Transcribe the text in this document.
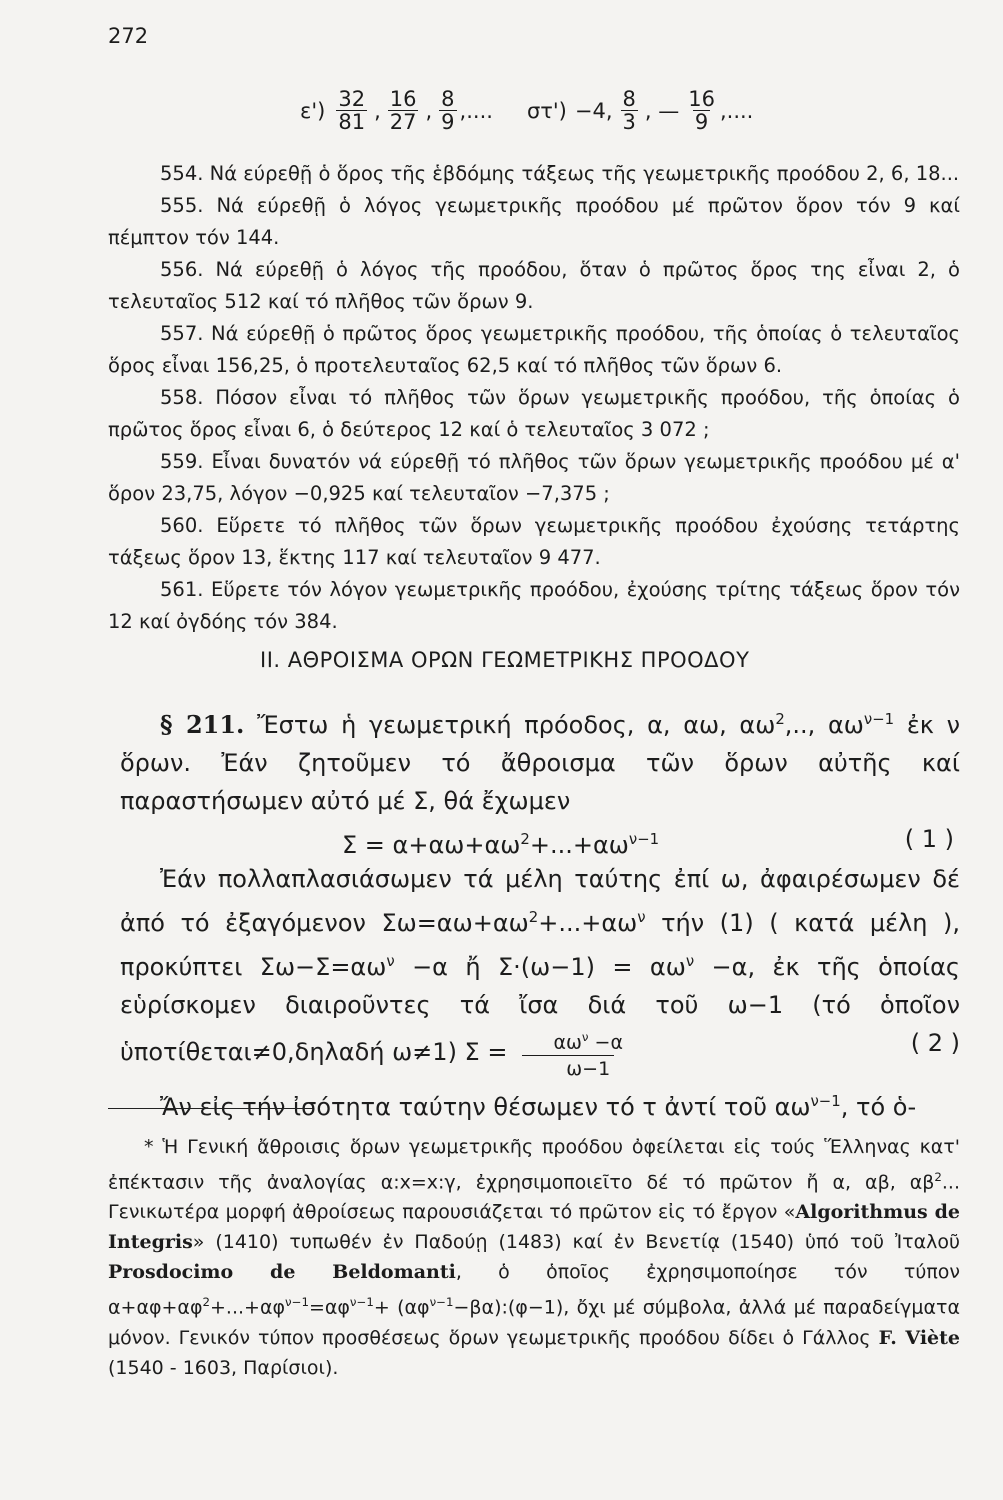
272
$\varepsilon') \frac{32}{81}$ , $\frac{16}{27}$ , $\frac{8}{9}$ ,.... στ') −4, $\frac{8}{3}$ , — $\frac{16}{9}$ ,....

554. Νά εύρεθῇ ὁ ὅρος τῆς ἑβδόμης τάξεως τῆς γεωμετρικῆς προόδου 2, 6, 18...

555. Νά εύρεθῇ ὁ λόγος γεωμετρικῆς προόδου μέ πρῶτον ὅρον τόν 9 καί πέμπτον τόν 144.

556. Νά εύρεθῇ ὁ λόγος τῆς προόδου, ὅταν ὁ πρῶτος ὅρος της εἶναι 2, ὁ τελευταῖος 512 καί τό πλῆθος τῶν ὅρων 9.

557. Νά εύρεθῇ ὁ πρῶτος ὅρος γεωμετρικῆς προόδου, τῆς ὁποίας ὁ τελευταῖος ὅρος εἶναι 156,25, ὁ προτελευταῖος 62,5 καί τό πλῆθος τῶν ὅρων 6.

558. Πόσον εἶναι τό πλῆθος τῶν ὅρων γεωμετρικῆς προόδου, τῆς ὁποίας ὁ πρῶτος ὅρος εἶναι 6, ὁ δεύτερος 12 καί ὁ τελευταῖος 3 072 ;

559. Εἶναι δυνατόν νά εύρεθῇ τό πλῆθος τῶν ὅρων γεωμετρικῆς προόδου μέ α' ὅρον 23,75, λόγον −0,925 καί τελευταῖον −7,375 ;

560. Εὕρετε τό πλῆθος τῶν ὅρων γεωμετρικῆς προόδου ἐχούσης τετάρτης τάξεως ὅρον 13, ἕκτης 117 καί τελευταῖον 9 477.

561. Εὕρετε τόν λόγον γεωμετρικῆς προόδου, ἐχούσης τρίτης τάξεως ὅρον τόν 12 καί ὀγδόης τόν 384.

ΙΙ. ΑΘΡΟΙΣΜΑ ΟΡΩΝ ΓΕΩΜΕΤΡΙΚΗΣ ΠΡΟΟΔΟΥ

§ 211. Ἔστω ἡ γεωμετρική πρόοδος, α, αω, $\alpha\omega^2$,.., $\alpha\omega^{\nu-1}$ ἐκ ν ὅρων. Ἐάν ζητοῦμεν τό ἄθροισμα τῶν ὅρων αὐτῆς καί παραστήσωμεν αὐτό μέ Σ, θά ἔχωμεν

$\Sigma = \alpha+\alpha\omega+\alpha\omega^2+...+\alpha\omega^{\nu-1}$	( 1 )

Ἐάν πολλαπλασιάσωμεν τά μέλη ταύτης ἐπί ω, ἀφαιρέσωμεν δέ ἀπό τό ἐξαγόμενον $\Sigma\omega=\alpha\omega+\alpha\omega^2+...+\alpha\omega^\nu$ τήν (1) ( κατά μέλη ), προκύπτει $\Sigma\omega-\Sigma=\alpha\omega^\nu -\alpha$ ἤ $\Sigma\cdot(\omega-1) = \alpha\omega^\nu -\alpha$, ἐκ τῆς ὁποίας εὑρίσκομεν διαιροῦντες τά ἴσα διά τοῦ ω−1 (τό ὁποῖον ὑποτίθεται≠0,δηλαδή ω≠1) Σ =	$\alpha\omega^\nu -\alpha$
ω−1
( 2 )

Ἄν εἰς τήν ἰσότητα ταύτην θέσωμεν τό τ ἀντί τοῦ $\alpha\omega^{\nu-1}$, τό ὁ-

* Ἡ Γενική ἄθροισις ὅρων γεωμετρικῆς προόδου ὀφείλεται εἰς τούς Ἕλληνας κατ' ἐπέκτασιν τῆς ἀναλογίας α:x=x:γ, ἐχρησιμοποιεῖτο δέ τό πρῶτον ἤ α, αβ, $\alpha\beta^2$... Γενικωτέρα μορφή ἀθροίσεως παρουσιάζεται τό πρῶτον εἰς τό ἔργον «Algorithmus de Integris» (1410) τυπωθέν ἐν Παδούῃ (1483) καί ἐν Βενετίᾳ (1540) ὑπό τοῦ Ἰταλοῦ Prosdocimo de Beldomanti, ὁ ὁποῖος ἐχρησιμοποίησε τόν τύπον $\alpha+\alpha\varphi+\alpha\varphi^2+...+\alpha\varphi^{\nu-1}=\alpha\varphi^{\nu-1}+$ $(\alpha\varphi^{\nu-1}-\beta\alpha):(\varphi-1)$, ὄχι μέ σύμβολα, ἀλλά μέ παραδείγματα μόνον. Γενικόν τύπον προσθέσεως ὅρων γεωμετρικῆς προόδου δίδει ὁ Γάλλος F. Viète (1540 - 1603, Παρίσιοι).
